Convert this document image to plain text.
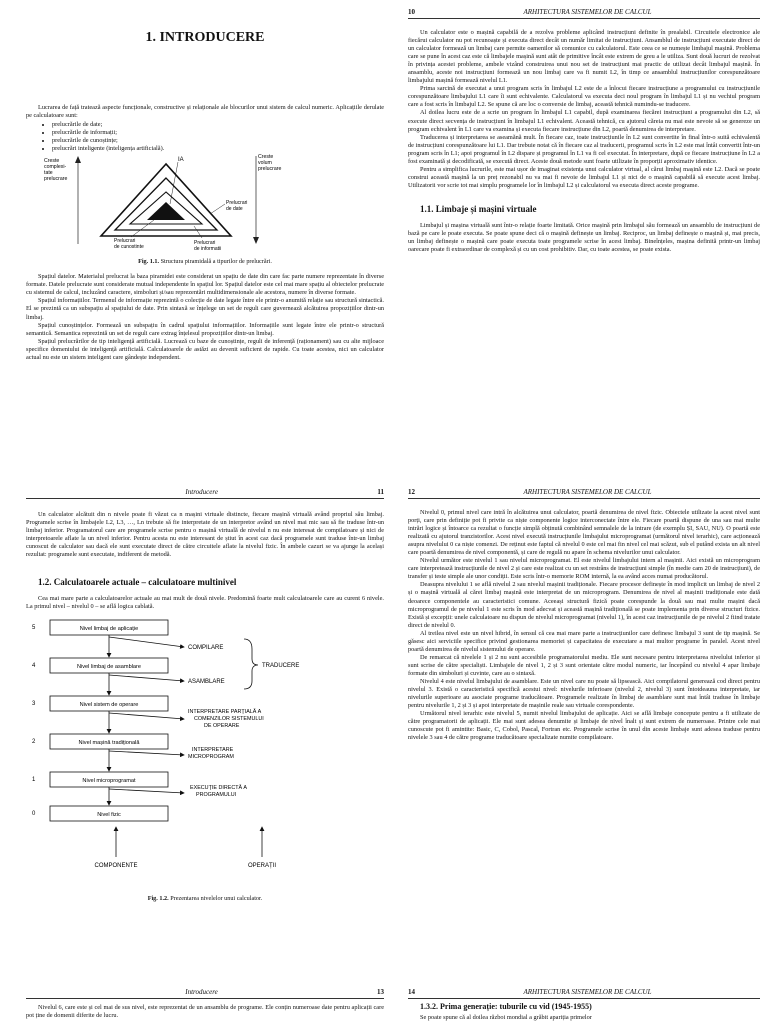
1. INTRODUCERE

Lucrarea de față tratează aspecte funcționale, constructive și relaționale ale blocurilor unui sistem de calcul numeric. Aplicațiile derulate pe calculatoare sunt:

• prelucrările de date;
• prelucrările de informații;
• prelucrările de cunoștințe;
• prelucrări inteligente (inteligența artificială).
Creste complexi- tate prelucrare
Creste volum prelucrare
IA
Prelucrari de date
Prelucrari de cunostinte
Prelucrari de informatii
Fig. 1.1. Structura piramidală a tipurilor de prelucrări.

Spațiul datelor. Materialul prelucrat la baza piramidei este considerat un spațiu de date din care fac parte numere reprezentate în diverse formate. Datele prelucrate sunt considerate mutual independente în spațiul lor. Spațiul datelor este cel mai mare spațiu al obiectelor prelucrate cu sistemul de calcul, incluzând caractere, simboluri și/sau reprezentări multidimensionale ale acestora, numere în diverse formate.

Spațiul informațiilor. Termenul de informație reprezintă o colecție de date legate între ele printr-o anumită relație sau structură sintactică. El se prezintă ca un subspațiu al spațiului de date. Prin sintaxă se înțelege un set de reguli care guvernează alcătuirea propozițiilor dintr-un limbaj.

Spațiul cunoștințelor. Formează un subspațiu în cadrul spațiului informațiilor. Informațiile sunt legate între ele printr-o structură semantică. Semantica reprezintă un set de reguli care extrag înțelesul propozițiilor dintr-un limbaj.

Spațiul prelucrărilor de tip inteligență artificială. Lucrează cu baze de cunoștințe, reguli de inferență (raționament) sau cu alte mijloace specifice domeniului de inteligență artificială. Calculatoarele de astăzi au devenit suficient de rapide. Cu toate acestea, nici un calculator actual nu este un sistem inteligent care gândește independent.

10	ARHITECTURA SISTEMELOR DE CALCUL

Un calculator este o mașină capabilă de a rezolva probleme aplicând instrucțiuni definite în prealabil. Circuitele electronice ale fiecărui calculator nu pot recunoaște și executa direct decât un număr limitat de instrucțiuni. Ansamblul de instrucțiuni executate direct de un calculator formează un limbaj care permite oamenilor să comunice cu calculatorul. Este ceea ce se numește limbajul mașină. Problema care se pune în acest caz este că limbajele mașină sunt atât de primitive încât este extrem de greu a le utiliza. Sunt două lucruri de rezolvat în privința acestei probleme, ambele vizând construirea unui nou set de instrucțiuni mai practic de utilizat decât limbajul mașină. În ansamblu, aceste noi instrucțiuni formează un nou limbaj care va fi numit L2, în timp ce ansamblul instrucțiunilor corespunzătoare limbajului mașină formează nivelul L1.

Prima sarcină de executat a unui program scris în limbajul L2 este de a înlocui fiecare instrucțiune a programului cu instrucțiunile corespunzătoare limbajului L1 care îi sunt echivalente. Calculatorul va executa deci noul program în limbajul L1 și nu vechiul program care a fost scris în limbajul L2. Se spune că are loc o conversie de limbaj, această tehnică numindu-se traducere.

Al doilea lucru este de a scrie un program în limbajul L1 capabil, după examinarea fiecărei instrucțiuni a programului din L2, să execute direct secvența de instrucțiuni în limbajul L1 echivalent. Această tehnică, cu ajutorul căreia nu mai este nevoie să se genereze un program echivalent în L1 care va examina și executa fiecare instrucțiune din L2, poartă denumirea de interpretare.

Traducerea și interpretarea se aseamănă mult. În fiecare caz, toate instrucțiunile în L2 sunt convertite în final într-o suită echivalentă de instrucțiuni corespunzătoare lui L1. Dar trebuie notat că în fiecare caz al traducerii, programul scris în L2 este mai întâi convertit într-un program scris în L1; apoi programul în L2 dispare și programul în L1 va fi cel executat. În interpretare, după ce fiecare instrucțiune în L2 a fost examinată și decodificată, se execută direct. Aceste două metode sunt foarte utilizate în proporții aproximativ identice.

Pentru a simplifica lucrurile, este mai ușor de imaginat existența unui calculator virtual, al cărui limbaj mașină este L2. Dacă se poate construi această mașină la un preț rezonabil nu va mai fi nevoie de limbajul L1 și nici de o mașină capabilă să execute acest limbaj. Utilizatorii vor scrie tot mai simplu programele lor în limbajul L2 și calculatorul va executa direct aceste programe.

1.1. Limbaje și mașini virtuale

Limbajul și mașina virtuală sunt într-o relație foarte limitată. Orice mașină prin limbajul său formează un ansamblu de instrucțiuni de bază pe care le poate executa. Se poate spune deci că o mașină definește un limbaj. Reciproc, un limbaj definește o mașină și, mai precis, un limbaj definește o mașină care poate executa toate programele scrise în acest limbaj. Bineînțeles, mașina definită printr-un limbaj oarecare poate fi extraordinar de complexă și cu un cost prohibitiv. Dar, cu toate acestea, se poate exista.

Introducere	11

Un calculator alcătuit din n nivele poate fi văzut ca n mașini virtuale distincte, fiecare mașină virtuală având propriul său limbaj. Programele scrise în limbajele L2, L3, …, Ln trebuie să fie interpretate de un interpretor având un nivel mai mic sau să fie traduse într-un limbaj inferior. Programatorul care are programele scrise pentru o mașină virtuală de nivelul n nu este interesat de compilatoare și nici de interpretoarele aflate la un nivel inferior. Pentru acesta nu este interesant de știut în acest caz dacă programele sunt traduse într-un limbaj cunoscut de calculator sau dacă ele sunt executate direct de către circuitele aflate la nivelul fizic. În ambele cazuri se va ajunge la același rezultat: programele sunt executate, indiferent de metodă.

1.2. Calculatoarele actuale – calculatoare multinivel

Cea mai mare parte a calculatoarelor actuale au mai mult de două nivele. Predomină foarte mult calculatoarele care au curent 6 nivele. La primul nivel – nivelul 0 – se află logica cablată.

5	Nivel limbaj de aplicație
4	Nivel limbaj de asamblare
3	Nivel sistem de operare
2	Nivel mașină tradițională
1	Nivel microprogramat
0	Nivel fizic
COMPILARE
ASAMBLARE
TRADUCERE
INTERPRETARE PARȚIALĂ A
COMENZILOR SISTEMULUI
DE OPERARE
INTERPRETARE
MICROPROGRAM
EXECUȚIE DIRECTĂ A
PROGRAMULUI
COMPONENTE	OPERAȚII
Fig. 1.2. Prezentarea nivelelor unui calculator.
12	ARHITECTURA SISTEMELOR DE CALCUL

Nivelul 0, primul nivel care intră în alcătuirea unui calculator, poartă denumirea de nivel fizic. Obiectele utilizate la acest nivel sunt porți, care prin definiție pot fi privite ca niște componente logice interconectate între ele. Fiecare poartă dispune de una sau mai multe intrări logice și întoarce ca rezultat o funcție simplă obținută combinând semnalele de la intrare (de exemplu ȘI, SAU, NU). O poartă este realizată cu ajutorul tranzistorilor. Acest nivel execută instrucțiunile limbajului microprogramat (următorul nivel ierarhic), care acționează asupra nivelului 0 ca niște comenzi. De reținut este faptul că nivelul 0 este cel mai fin nivel cel mai scăzut, sub el putând exista un alt nivel care poartă denumirea de nivel componentă, și care de regulă nu apare în schema nivelurilor unui calculator.

Nivelul următor este nivelul 1 sau nivelul microprogramat. El este nivelul limbajului intern al mașinii. Aici există un microprogram care interpretează instrucțiunile de nivel 2 și care este realizat cu un set restrâns de instrucțiuni simple (în medie cam 20 de instrucțiuni), de transfer și teste simple ale unor condiții. Este scris într-o memorie ROM internă, la ea având acces numai producătorul.

Deasupra nivelului 1 se află nivelul 2 sau nivelul mașinii tradiționale. Fiecare procesor definește în mod implicit un limbaj de nivel 2 și o mașină virtuală al cărei limbaj mașină este interpretat de un microprogram. Denumirea de nivel al mașinii tradiționale este dată deoarece componentele au caracteristici comune. Aceeași structură fizică poate corespunde la două sau mai multe mașini dacă microprogramul de pe nivelul 1 este scris în mod adecvat și această mașină tradițională se poate implementa prin diverse structuri fizice. Există și excepții: unele calculatoare nu dispun de nivelul microprogramat (nivelul 1), în acest caz instrucțiunile de pe nivelul 2 fiind tratate direct de nivelul 0.

Al treilea nivel este un nivel hibrid, în sensul că cea mai mare parte a instrucțiunilor care definesc limbajul 3 sunt de tip mașină. Se găsesc aici serviciile specifice privind gestionarea memoriei și capacitatea de executare a mai multor programe în paralel. Acest nivel poartă denumirea de nivelul sistemului de operare.

De remarcat că nivelele 1 și 2 nu sunt accesibile programatorului mediu. Ele sunt necesare pentru interpretarea nivelului inferior și sunt scrise de către specialiști. Limbajele de nivel 1, 2 și 3 sunt orientate către modul numeric, iar începând cu nivelul 4 apar limbaje formate din simboluri și cuvinte, care au o sintaxă.

Nivelul 4 este nivelul limbajului de asamblare. Este un nivel care nu poate să lipsească. Aici compilatorul generează cod direct pentru nivelul 3. Există o caracteristică specifică acestui nivel: nivelurile inferioare (nivelul 2, nivelul 3) sunt întotdeauna interpretate, iar nivelurile superioare au asociate programe traducătoare. Programele realizate în limbaj de asamblare sunt mai întâi traduse în limbaje pentru nivelurile 1, 2 și 3 și apoi interpretate de mașinile reale sau virtuale corespondente.

Următorul nivel ierarhic este nivelul 5, numit nivelul limbajului de aplicație. Aici se află limbaje concepute pentru a fi utilizate de către programatorii de aplicații. Ele mai sunt adesea denumite și limbaje de nivel înalt și sunt extrem de numeroase. Printre cele mai cunoscute pot fi amintite: Basic, C, Cobol, Pascal, Fortran etc. Programele scrise în unul din aceste limbaje sunt adesea traduse pentru nivelele 3 sau 4 de către programe traducătoare specializate numite compilatoare.

Introducere	13

Nivelul 6, care este și cel mai de sus nivel, este reprezentat de un ansamblu de programe. Ele conțin numeroase date pentru aplicații care pot ține de domenii diferite de lucru.

14	ARHITECTURA SISTEMELOR DE CALCUL
1.3.2. Prima generație: tuburile cu vid (1945-1955)

Se poate spune că al doilea război mondial a grăbit apariția primelor
